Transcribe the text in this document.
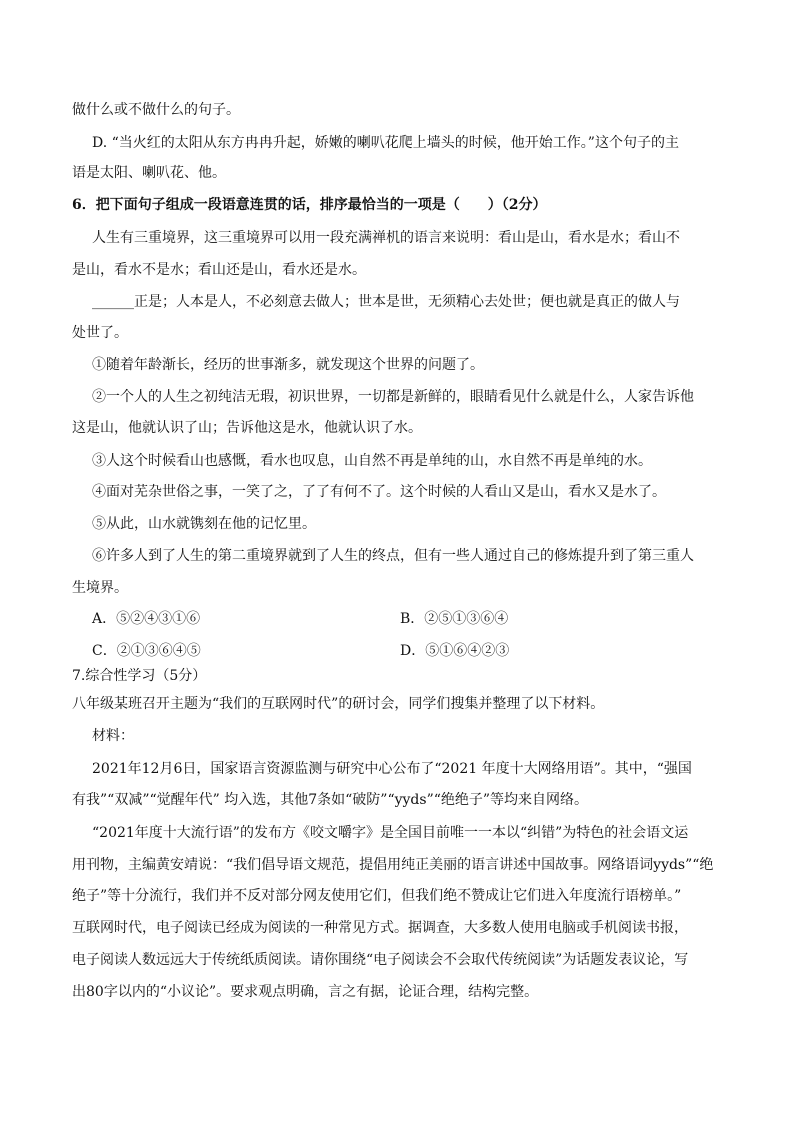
做什么或不做什么的句子。
D. “当火红的太阳从东方冉冉升起，娇嫩的喇叭花爬上墙头的时候，他开始工作。”这个句子的主
语是太阳、喇叭花、他。
6．把下面句子组成一段语意连贯的话，排序最恰当的一项是（　　）（2分）
人生有三重境界，这三重境界可以用一段充满禅机的语言来说明：看山是山，看水是水；看山不
是山，看水不是水；看山还是山，看水还是水。
______正是；人本是人，不必刻意去做人；世本是世，无须精心去处世；便也就是真正的做人与
处世了。
①随着年龄渐长，经历的世事渐多，就发现这个世界的问题了。
②一个人的人生之初纯洁无瑕，初识世界，一切都是新鲜的，眼睛看见什么就是什么，人家告诉他
这是山，他就认识了山；告诉他这是水，他就认识了水。
③人这个时候看山也感慨，看水也叹息，山自然不再是单纯的山，水自然不再是单纯的水。
④面对芜杂世俗之事，一笑了之，了了有何不了。这个时候的人看山又是山，看水又是水了。
⑤从此，山水就镌刻在他的记忆里。
⑥许多人到了人生的第二重境界就到了人生的终点，但有一些人通过自己的修炼提升到了第三重人
生境界。
A．⑤②④③①⑥	B．②⑤①③⑥④
C．②①③⑥④⑤	D．⑤①⑥④②③
7.综合性学习（5分）
八年级某班召开主题为“我们的互联网时代”的研讨会，同学们搜集并整理了以下材料。
材料：
2021年12月6日，国家语言资源监测与研究中心公布了“2021 年度十大网络用语”。其中，“强国
有我”“双减”“觉醒年代” 均入选，其他7条如“破防”“yyds”“绝绝子”等均来自网络。
“2021年度十大流行语”的发布方《咬文嚼字》是全国目前唯一一本以“纠错”为特色的社会语文运
用刊物，主编黄安靖说：“我们倡导语文规范，提倡用纯正美丽的语言讲述中国故事。网络语词yyds”“绝
绝子”等十分流行，我们并不反对部分网友使用它们，但我们绝不赞成让它们进入年度流行语榜单。”
互联网时代，电子阅读已经成为阅读的一种常见方式。据调查，大多数人使用电脑或手机阅读书报，
电子阅读人数远远大于传统纸质阅读。请你围绕“电子阅读会不会取代传统阅读”为话题发表议论，写
出80字以内的“小议论”。要求观点明确，言之有据，论证合理，结构完整。
